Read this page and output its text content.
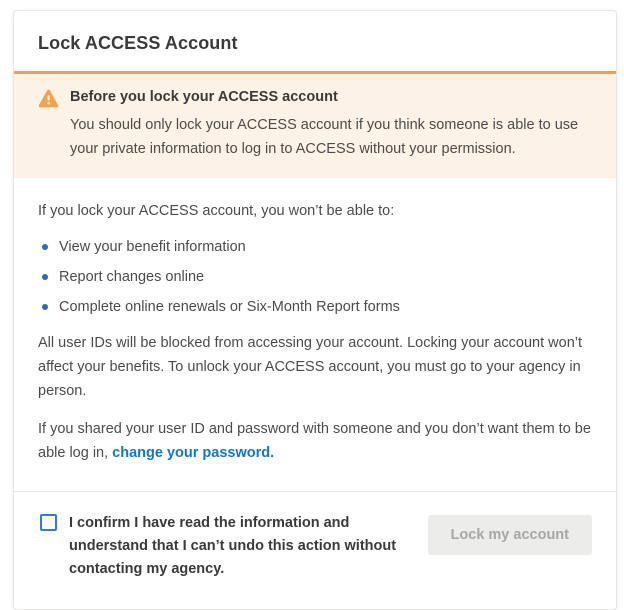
Lock ACCESS Account
Before you lock your ACCESS account
You should only lock your ACCESS account if you think someone is able to use your private information to log in to ACCESS without your permission.

If you lock your ACCESS account, you won’t be able to:

View your benefit information
Report changes online
Complete online renewals or Six-Month Report forms

All user IDs will be blocked from accessing your account. Locking your account won’t affect your benefits. To unlock your ACCESS account, you must go to your agency in person.

If you shared your user ID and password with someone and you don’t want them to be able log in, change your password.

I confirm I have read the information and understand that I can’t undo this action without contacting my agency.
Lock my account
